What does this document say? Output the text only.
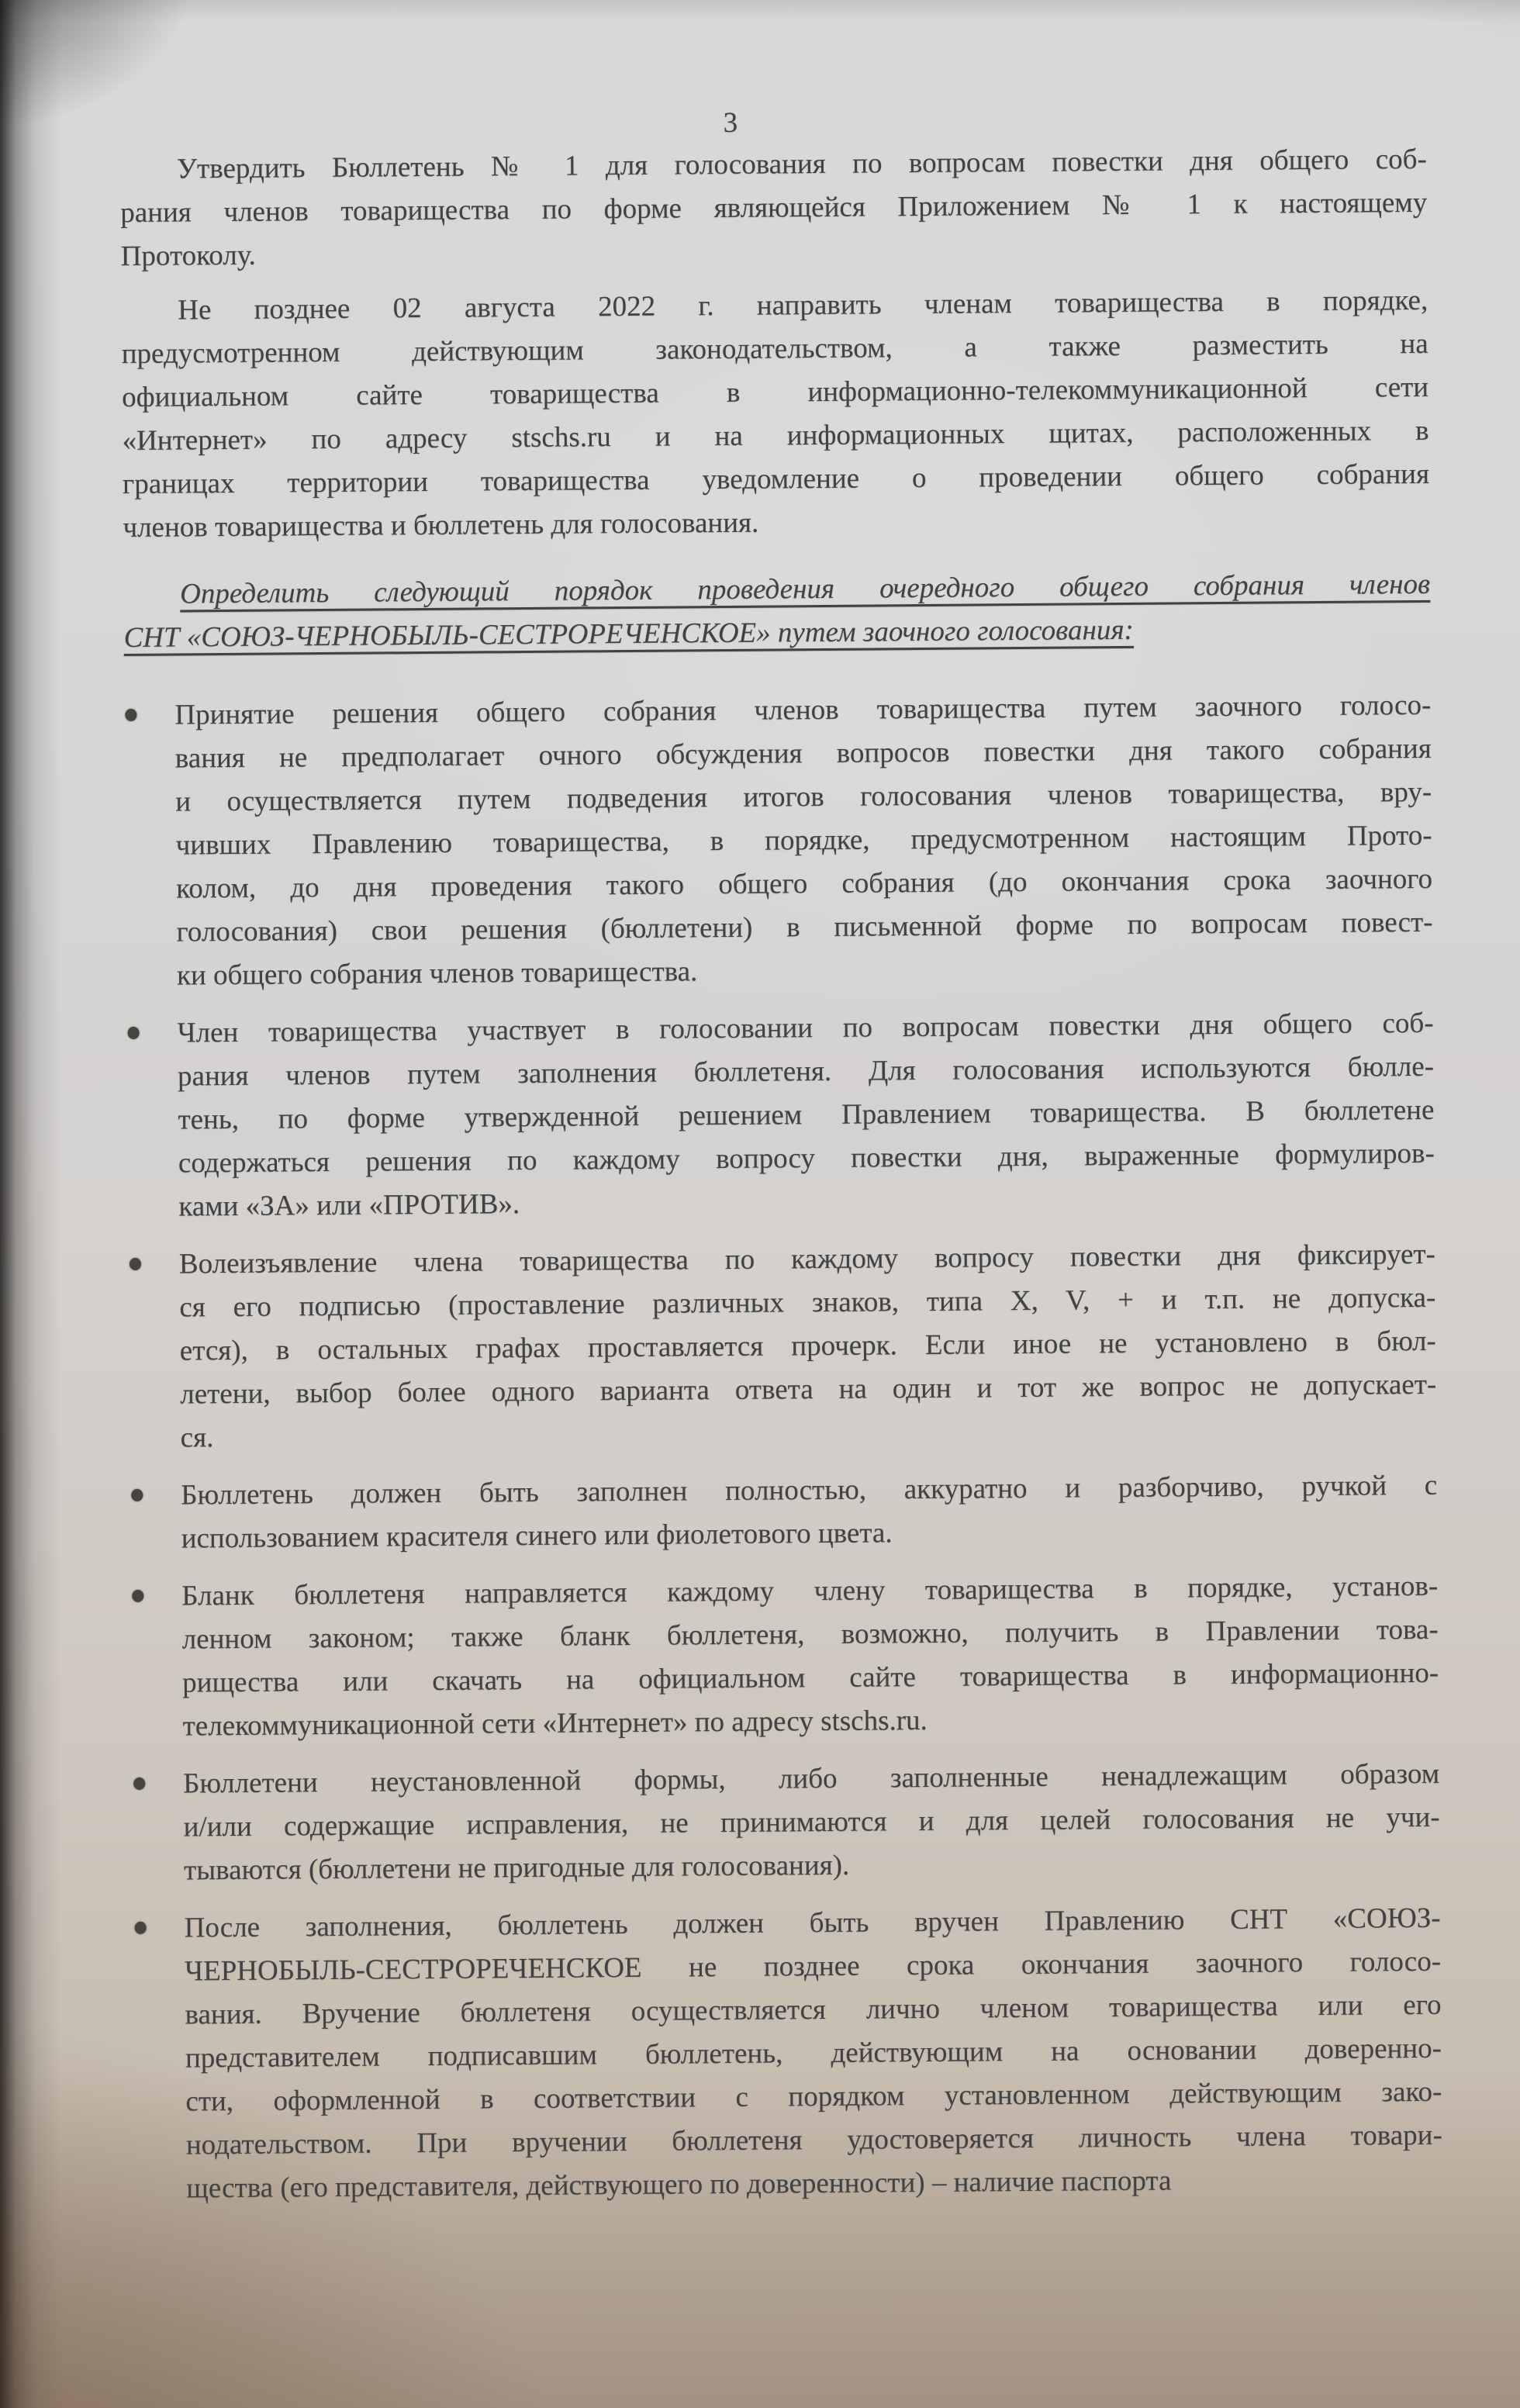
3
Утвердить Бюллетень № 1 для голосования по вопросам повестки дня общего соб-
рания членов товарищества по форме являющейся Приложением № 1 к настоящему
Протоколу.
Не позднее 02 августа 2022 г. направить членам товарищества в порядке,
предусмотренном действующим законодательством, а также разместить на
официальном сайте товарищества в информационно-телекоммуникационной сети
«Интернет» по адресу stschs.ru и на информационных щитах, расположенных в
границах территории товарищества уведомление о проведении общего собрания
членов товарищества и бюллетень для голосования.
Определить следующий порядок проведения очередного общего собрания членов
СНТ «СОЮЗ-ЧЕРНОБЫЛЬ-СЕСТРОРЕЧЕНСКОЕ» путем заочного голосования:
Принятие решения общего собрания членов товарищества путем заочного голосо-
вания не предполагает очного обсуждения вопросов повестки дня такого собрания
и осуществляется путем подведения итогов голосования членов товарищества, вру-
чивших Правлению товарищества, в порядке, предусмотренном настоящим Прото-
колом, до дня проведения такого общего собрания (до окончания срока заочного
голосования) свои решения (бюллетени) в письменной форме по вопросам повест-
ки общего собрания членов товарищества.
Член товарищества участвует в голосовании по вопросам повестки дня общего соб-
рания членов путем заполнения бюллетеня. Для голосования используются бюлле-
тень, по форме утвержденной решением Правлением товарищества. В бюллетене
содержаться решения по каждому вопросу повестки дня, выраженные формулиров-
ками «ЗА» или «ПРОТИВ».
Волеизъявление члена товарищества по каждому вопросу повестки дня фиксирует-
ся его подписью (проставление различных знаков, типа X, V, + и т.п. не допуска-
ется), в остальных графах проставляется прочерк. Если иное не установлено в бюл-
летени, выбор более одного варианта ответа на один и тот же вопрос не допускает-
ся.
Бюллетень должен быть заполнен полностью, аккуратно и разборчиво, ручкой с
использованием красителя синего или фиолетового цвета.
Бланк бюллетеня направляется каждому члену товарищества в порядке, установ-
ленном законом; также бланк бюллетеня, возможно, получить в Правлении това-
рищества или скачать на официальном сайте товарищества в информационно-
телекоммуникационной сети «Интернет» по адресу stschs.ru.
Бюллетени неустановленной формы, либо заполненные ненадлежащим образом
и/или содержащие исправления, не принимаются и для целей голосования не учи-
тываются (бюллетени не пригодные для голосования).
После заполнения, бюллетень должен быть вручен Правлению СНТ «СОЮЗ-
ЧЕРНОБЫЛЬ-СЕСТРОРЕЧЕНСКОЕ не позднее срока окончания заочного голосо-
вания. Вручение бюллетеня осуществляется лично членом товарищества или его
представителем подписавшим бюллетень, действующим на основании доверенно-
сти, оформленной в соответствии с порядком установленном действующим зако-
нодательством. При вручении бюллетеня удостоверяется личность члена товари-
щества (его представителя, действующего по доверенности) – наличие паспорта
